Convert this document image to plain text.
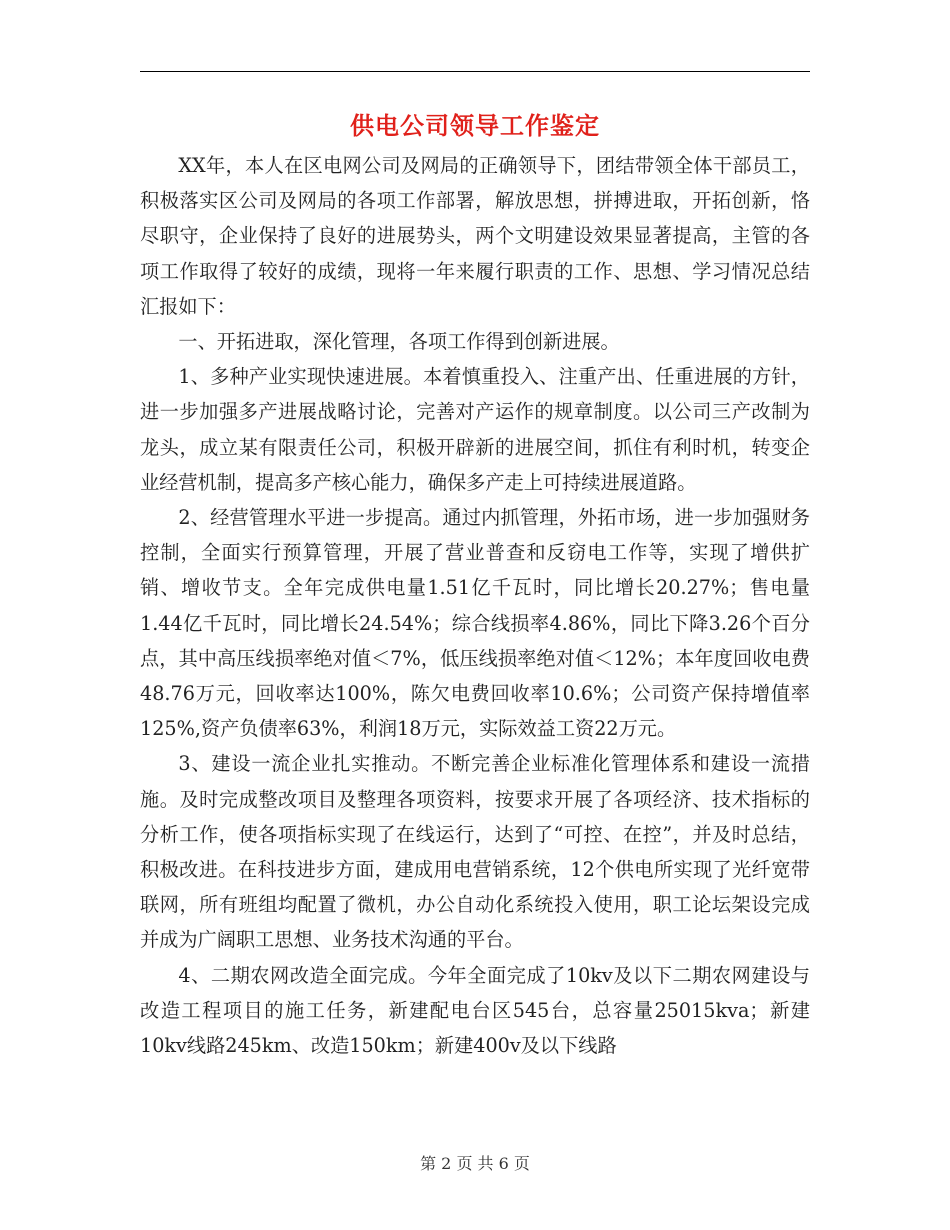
供电公司领导工作鉴定

XX年，本人在区电网公司及网局的正确领导下，团结带领全体干部员工，积极落实区公司及网局的各项工作部署，解放思想，拼搏进取，开拓创新，恪尽职守，企业保持了良好的进展势头，两个文明建设效果显著提高，主管的各项工作取得了较好的成绩，现将一年来履行职责的工作、思想、学习情况总结汇报如下：

一、开拓进取，深化管理，各项工作得到创新进展。

1、多种产业实现快速进展。本着慎重投入、注重产出、任重进展的方针，进一步加强多产进展战略讨论，完善对产运作的规章制度。以公司三产改制为龙头，成立某有限责任公司，积极开辟新的进展空间，抓住有利时机，转变企业经营机制，提高多产核心能力，确保多产走上可持续进展道路。

2、经营管理水平进一步提高。通过内抓管理，外拓市场，进一步加强财务控制，全面实行预算管理，开展了营业普查和反窃电工作等，实现了增供扩销、增收节支。全年完成供电量1.51亿千瓦时，同比增长20.27%；售电量1.44亿千瓦时，同比增长24.54%；综合线损率4.86%，同比下降3.26个百分点，其中高压线损率绝对值＜7%，低压线损率绝对值＜12%；本年度回收电费48.76万元，回收率达100%，陈欠电费回收率10.6%；公司资产保持增值率125%,资产负债率63%，利润18万元，实际效益工资22万元。

3、建设一流企业扎实推动。不断完善企业标准化管理体系和建设一流措施。及时完成整改项目及整理各项资料，按要求开展了各项经济、技术指标的分析工作，使各项指标实现了在线运行，达到了“可控、在控”，并及时总结，积极改进。在科技进步方面，建成用电营销系统，12个供电所实现了光纤宽带联网，所有班组均配置了微机，办公自动化系统投入使用，职工论坛架设完成并成为广阔职工思想、业务技术沟通的平台。

4、二期农网改造全面完成。今年全面完成了10kv及以下二期农网建设与改造工程项目的施工任务，新建配电台区545台，总容量25015kva；新建10kv线路245km、改造150km；新建400v及以下线路

第 2 页 共 6 页
